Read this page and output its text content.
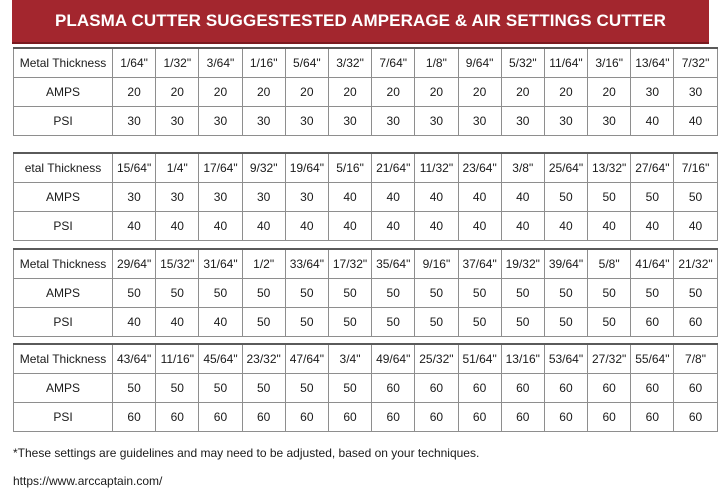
PLASMA CUTTER SUGGESTESTED AMPERAGE & AIR SETTINGS CUTTER
Metal Thickness	1/64"	1/32"	3/64"	1/16"	5/64"	3/32"	7/64"	1/8"	9/64"	5/32"	11/64"	3/16"	13/64"	7/32"
AMPS	20	20	20	20	20	20	20	20	20	20	20	20	30	30
PSI	30	30	30	30	30	30	30	30	30	30	30	30	40	40
etal Thickness	15/64"	1/4"	17/64"	9/32"	19/64"	5/16"	21/64"	11/32"	23/64"	3/8"	25/64"	13/32"	27/64"	7/16"
AMPS	30	30	30	30	30	40	40	40	40	40	50	50	50	50
PSI	40	40	40	40	40	40	40	40	40	40	40	40	40	40
Metal Thickness	29/64"	15/32"	31/64"	1/2"	33/64"	17/32"	35/64"	9/16"	37/64"	19/32"	39/64"	5/8"	41/64"	21/32"
AMPS	50	50	50	50	50	50	50	50	50	50	50	50	50	50
PSI	40	40	40	50	50	50	50	50	50	50	50	50	60	60
Metal Thickness	43/64"	11/16"	45/64"	23/32"	47/64"	3/4"	49/64"	25/32"	51/64"	13/16"	53/64"	27/32"	55/64"	7/8"
AMPS	50	50	50	50	50	50	60	60	60	60	60	60	60	60
PSI	60	60	60	60	60	60	60	60	60	60	60	60	60	60
*These settings are guidelines and may need to be adjusted, based on your techniques.
https://www.arccaptain.com/
